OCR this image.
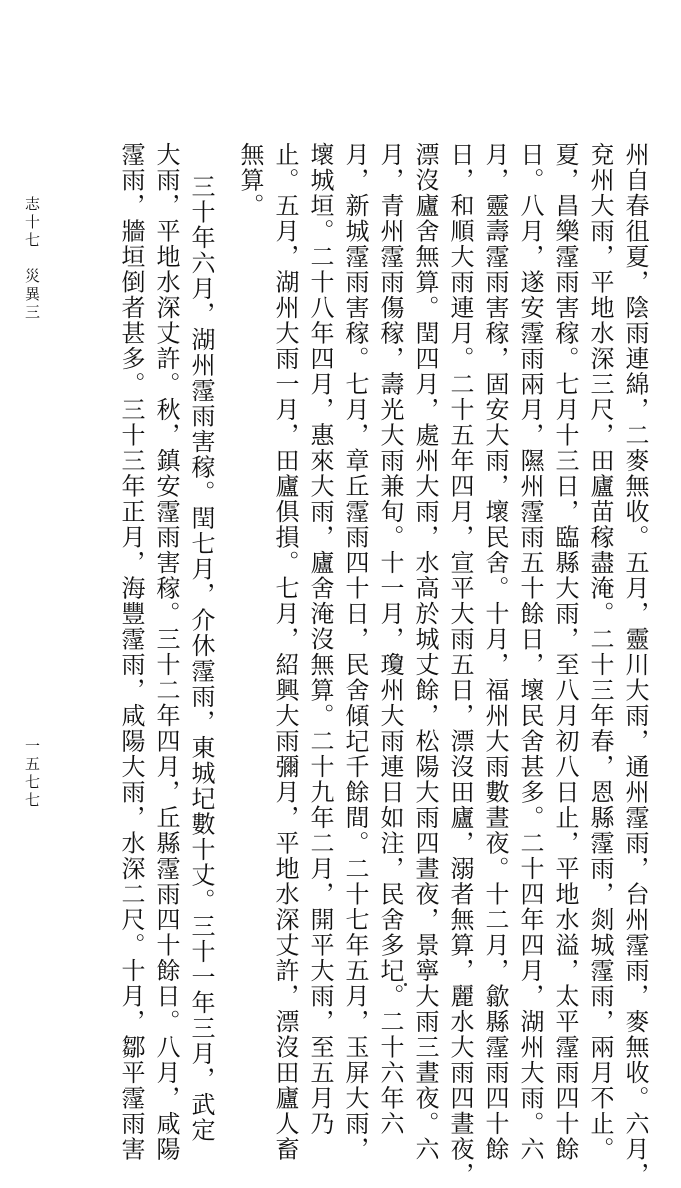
志十七　災異三
一五七七	州自春徂夏，陰雨連綿，二麥無收。五月，靈川大雨，通州霪雨，台州霪雨，麥無收。六月，
兗州大雨，平地水深三尺，田廬苗稼盡淹。二十三年春，恩縣霪雨，剡城霪雨，兩月不止。
夏，昌樂霪雨害稼。七月十三日，臨縣大雨，至八月初八日止，平地水溢，太平霪雨四十餘
日。八月，遂安霪雨兩月，隰州霪雨五十餘日，壞民舍甚多。二十四年四月，湖州大雨。六
月，靈壽霪雨害稼，固安大雨，壞民舍。十月，福州大雨數晝夜。十二月，歙縣霪雨四十餘
日，和順大雨連月。二十五年四月，宣平大雨五日，漂沒田廬，溺者無算，麗水大雨四晝夜，
漂沒廬舍無算。閏四月，處州大雨，水高於城丈餘，松陽大雨四晝夜，景寧大雨三晝夜。六
月，青州霪雨傷稼，壽光大雨兼旬。十一月，瓊州大雨連日如注，民舍多圮。二十六年六
月，新城霪雨害稼。七月，章丘霪雨四十日，民舍傾圮千餘間。二十七年五月，玉屏大雨，
壞城垣。二十八年四月，惠來大雨，廬舍淹沒無算。二十九年二月，開平大雨，至五月乃
止。五月，湖州大雨一月，田廬俱損。七月，紹興大雨彌月，平地水深丈許，漂沒田廬人畜
無算。
三十年六月，湖州霪雨害稼。閏七月，介休霪雨，東城圮數十丈。三十一年三月，武定
大雨，平地水深丈許。秋，鎮安霪雨害稼。三十二年四月，丘縣霪雨四十餘日。八月，咸陽
霪雨，牆垣倒者甚多。三十三年正月，海豐霪雨，咸陽大雨，水深二尺。十月，鄒平霪雨害
